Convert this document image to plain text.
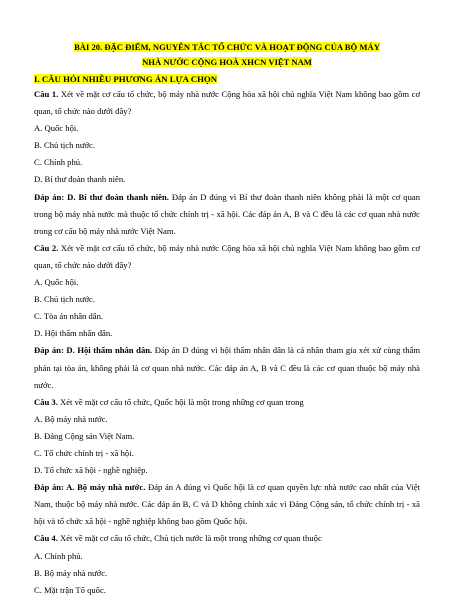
BÀI 20. ĐẶC ĐIỂM, NGUYÊN TẮC TỔ CHỨC VÀ HOẠT ĐỘNG CỦA BỘ MÁY
NHÀ NƯỚC CỘNG HOÀ XHCN VIỆT NAM
I. CÂU HỎI NHIỀU PHƯƠNG ÁN LỰA CHỌN
Câu 1. Xét về mặt cơ cấu tổ chức, bộ máy nhà nước Cộng hòa xã hội chủ nghĩa Việt Nam không bao gồm cơ quan, tổ chức nào dưới đây?
A. Quốc hội.
B. Chủ tịch nước.
C. Chính phủ.
D. Bí thư đoàn thanh niên.
Đáp án: D. Bí thư đoàn thanh niên. Đáp án D đúng vì Bí thư đoàn thanh niên không phải là một cơ quan trong bộ máy nhà nước mà thuộc tổ chức chính trị - xã hội. Các đáp án A, B và C đều là các cơ quan nhà nước trong cơ cấu bộ máy nhà nước Việt Nam.
Câu 2. Xét về mặt cơ cấu tổ chức, bộ máy nhà nước Cộng hòa xã hội chủ nghĩa Việt Nam không bao gồm cơ quan, tổ chức nào dưới đây?
A. Quốc hội.
B. Chủ tịch nước.
C. Tòa án nhân dân.
D. Hội thẩm nhân dân.
Đáp án: D. Hội thẩm nhân dân. Đáp án D đúng vì hội thẩm nhân dân là cá nhân tham gia xét xử cùng thẩm phán tại tòa án, không phải là cơ quan nhà nước. Các đáp án A, B và C đều là các cơ quan thuộc bộ máy nhà nước.
Câu 3. Xét về mặt cơ cấu tổ chức, Quốc hội là một trong những cơ quan trong
A. Bộ máy nhà nước.
B. Đảng Cộng sản Việt Nam.
C. Tổ chức chính trị - xã hội.
D. Tổ chức xã hội - nghề nghiệp.
Đáp án: A. Bộ máy nhà nước. Đáp án A đúng vì Quốc hội là cơ quan quyền lực nhà nước cao nhất của Việt Nam, thuộc bộ máy nhà nước. Các đáp án B, C và D không chính xác vì Đảng Cộng sản, tổ chức chính trị - xã hội và tổ chức xã hội - nghề nghiệp không bao gồm Quốc hội.
Câu 4. Xét về mặt cơ cấu tổ chức, Chủ tịch nước là một trong những cơ quan thuộc
A. Chính phủ.
B. Bộ máy nhà nước.
C. Mặt trận Tổ quốc.
